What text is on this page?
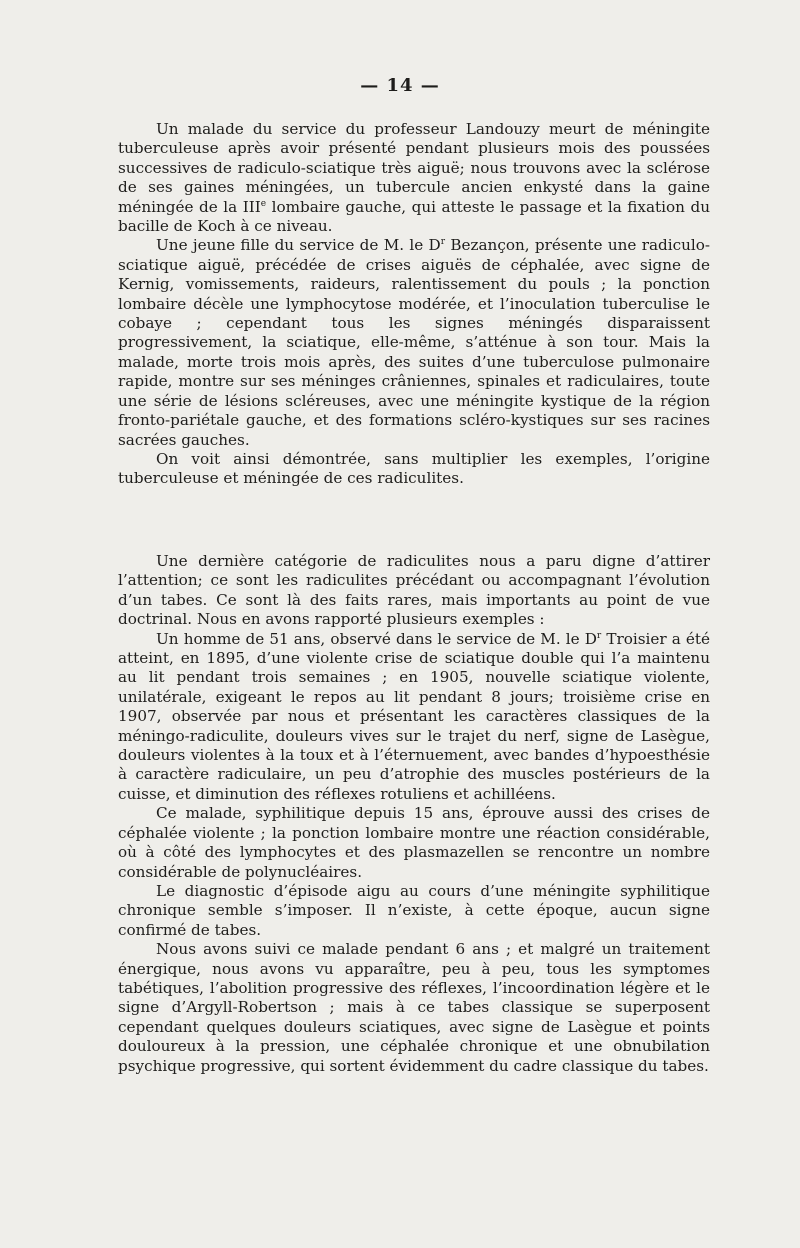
— 14 —

Un malade du service du professeur Landouzy meurt de méningite tuberculeuse après avoir présenté pendant plusieurs mois des poussées successives de radiculo-sciatique très aiguë; nous trouvons avec la sclérose de ses gaines méningées, un tubercule ancien enkysté dans la gaine méningée de la IIIe lombaire gauche, qui atteste le passage et la fixation du bacille de Koch à ce niveau.

Une jeune fille du service de M. le $D^r$ Bezançon, présente une radiculo-sciatique aiguë, précédée de crises aiguës de céphalée, avec signe de Kernig, vomissements, raideurs, ralentissement du pouls ; la ponction lombaire décèle une lymphocytose modérée, et l’inoculation tuberculise le cobaye ; cependant tous les signes méningés disparaissent progressivement, la sciatique, elle-même, s’atténue à son tour. Mais la malade, morte trois mois après, des suites d’une tuberculose pulmonaire rapide, montre sur ses méninges crâniennes, spinales et radiculaires, toute une série de lésions scléreuses, avec une méningite kystique de la région fronto-pariétale gauche, et des formations scléro-kystiques sur ses racines sacrées gauches.

On voit ainsi démontrée, sans multiplier les exemples, l’origine tuberculeuse et méningée de ces radiculites.

Une dernière catégorie de radiculites nous a paru digne d’attirer l’attention; ce sont les radiculites précédant ou accompagnant l’évolution d’un tabes. Ce sont là des faits rares, mais importants au point de vue doctrinal. Nous en avons rapporté plusieurs exemples :

Un homme de 51 ans, observé dans le service de M. le $D^r$ Troisier a été atteint, en 1895, d’une violente crise de sciatique double qui l’a maintenu au lit pendant trois semaines ; en 1905, nouvelle sciatique violente, unilatérale, exigeant le repos au lit pendant 8 jours; troisième crise en 1907, observée par nous et présentant les caractères classiques de la méningo-radiculite, douleurs vives sur le trajet du nerf, signe de Lasègue, douleurs violentes à la toux et à l’éternuement, avec bandes d’hypoesthésie à caractère radiculaire, un peu d’atrophie des muscles postérieurs de la cuisse, et diminution des réflexes rotuliens et achilléens.

Ce malade, syphilitique depuis 15 ans, éprouve aussi des crises de céphalée violente ; la ponction lombaire montre une réaction considérable, où à côté des lymphocytes et des plasmazellen se rencontre un nombre considérable de polynucléaires.

Le diagnostic d’épisode aigu au cours d’une méningite syphilitique chronique semble s’imposer. Il n’existe, à cette époque, aucun signe confirmé de tabes.

Nous avons suivi ce malade pendant 6 ans ; et malgré un traitement énergique, nous avons vu apparaître, peu à peu, tous les symptomes tabétiques, l’abolition progressive des réflexes, l’incoordination légère et le signe d’Argyll-Robertson ; mais à ce tabes classique se superposent cependant quelques douleurs sciatiques, avec signe de Lasègue et points douloureux à la pression, une céphalée chronique et une obnubilation psychique progressive, qui sortent évidemment du cadre classique du tabes.
